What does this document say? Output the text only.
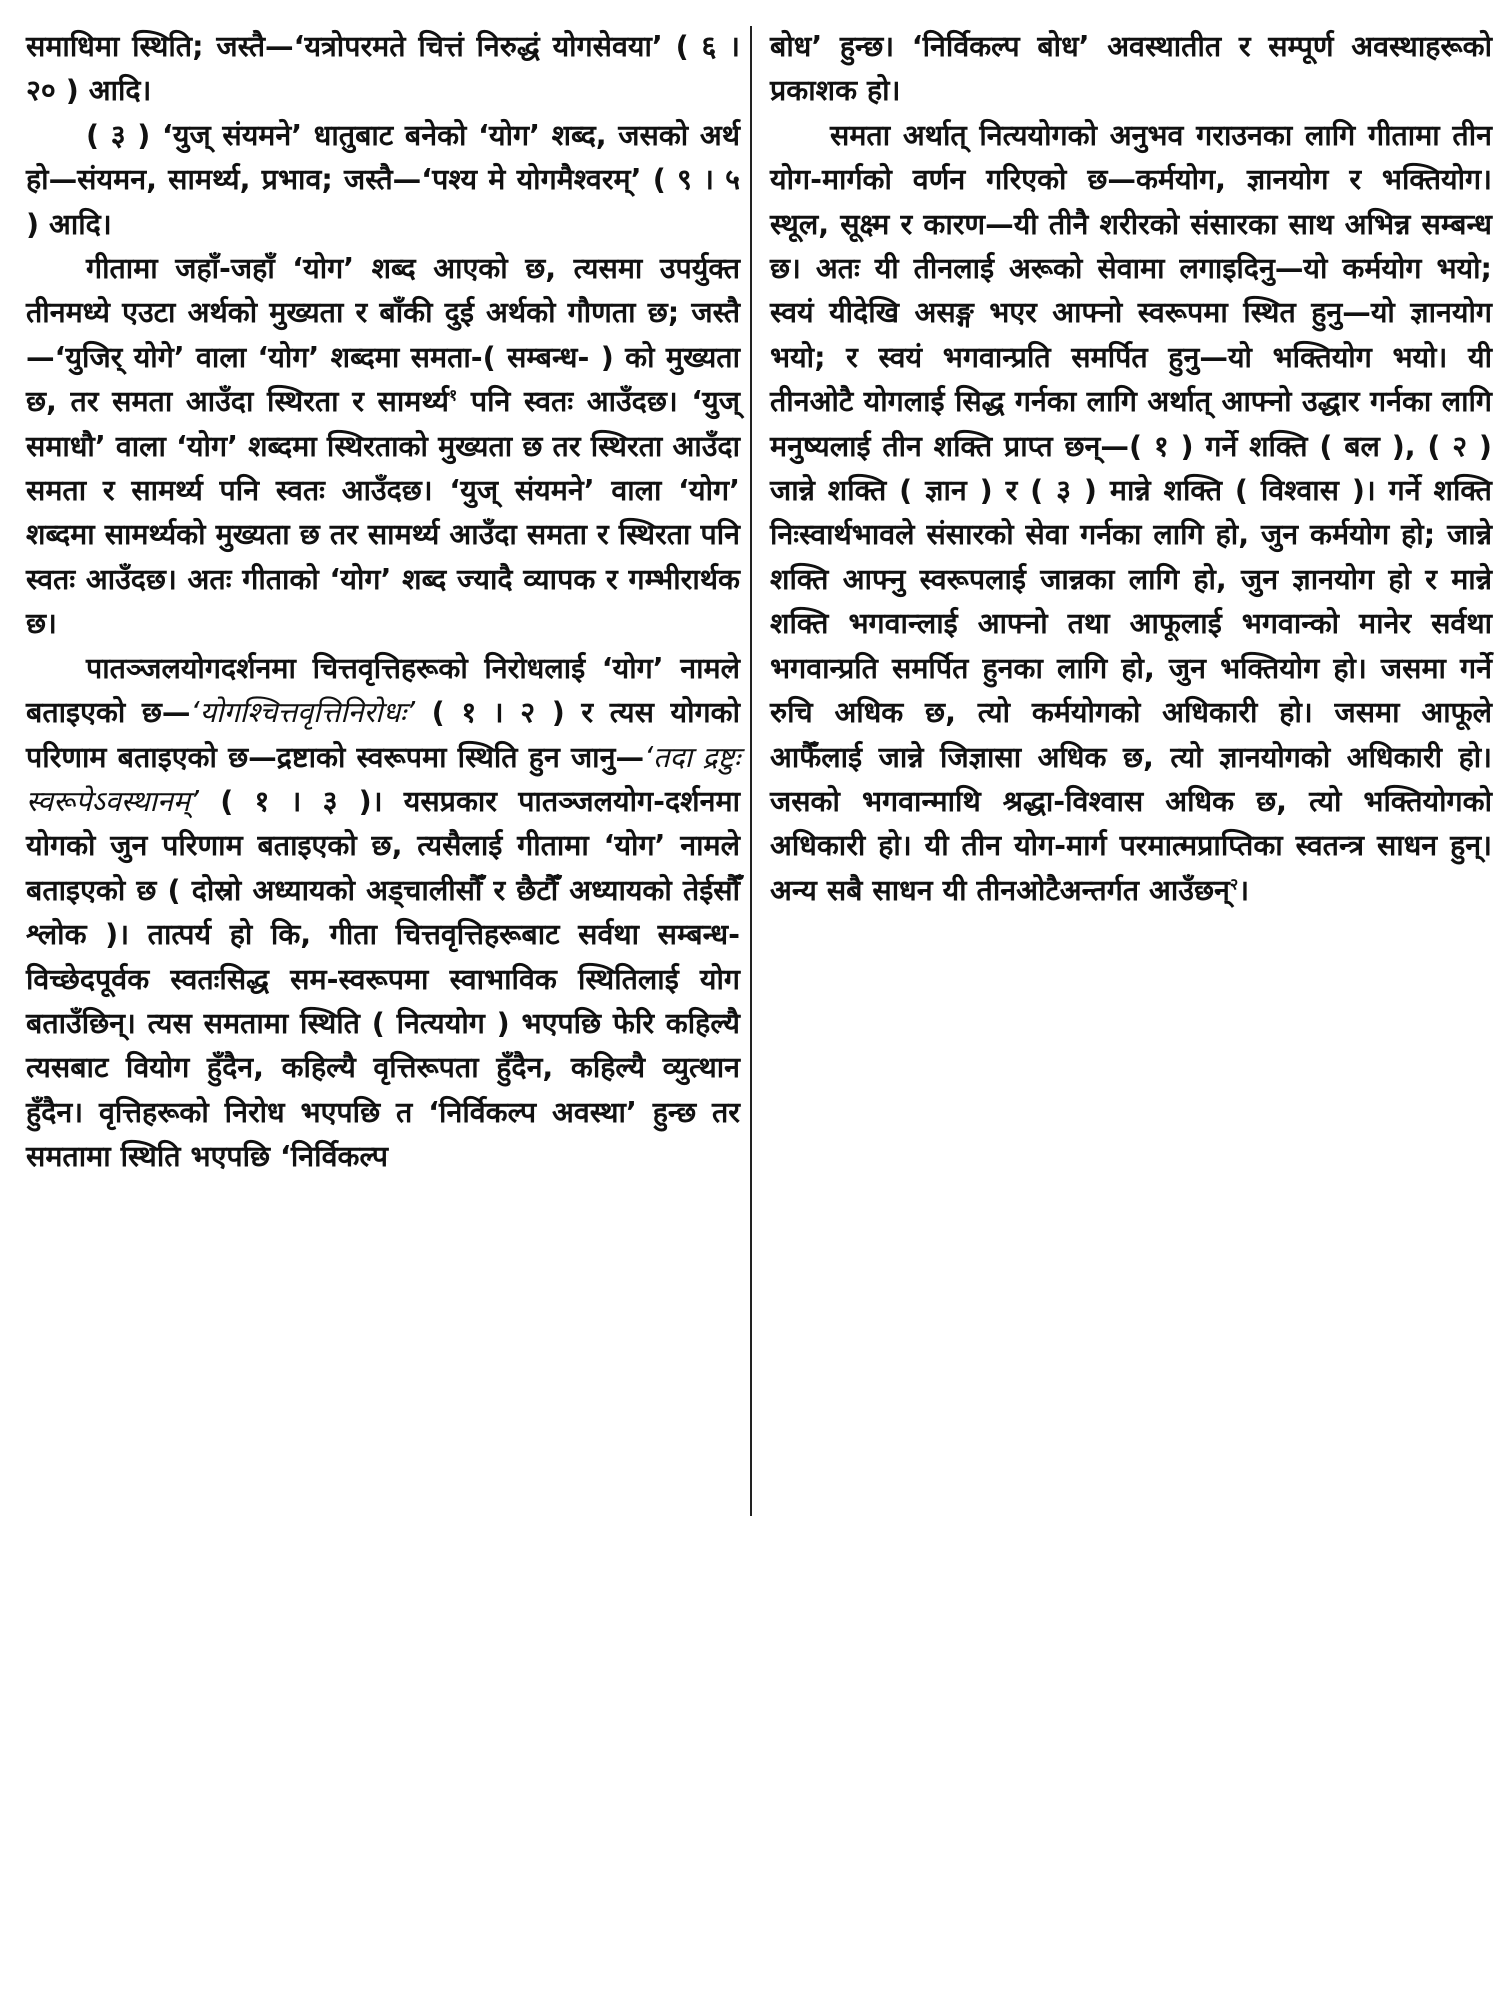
समाधिमा स्थिति; जस्तै—‘यत्रोपरमते चित्तं निरुद्धं योगसेवया’ ( ६ । २० ) आदि।

( ३ ) ‘युज् संयमने’ धातुबाट बनेको ‘योग’ शब्द, जसको अर्थ हो—संयमन, सामर्थ्य, प्रभाव; जस्तै—‘पश्य मे योगमैश्वरम्’ ( ९ । ५ ) आदि।

गीतामा जहाँ-जहाँ ‘योग’ शब्द आएको छ, त्यसमा उपर्युक्त तीनमध्ये एउटा अर्थको मुख्यता र बाँकी दुई अर्थको गौणता छ; जस्तै—‘युजिर् योगे’ वाला ‘योग’ शब्दमा समता-( सम्बन्ध- ) को मुख्यता छ, तर समता आउँदा स्थिरता र सामर्थ्य$^१$ पनि स्वतः आउँदछ। ‘युज् समाधौ’ वाला ‘योग’ शब्दमा स्थिरताको मुख्यता छ तर स्थिरता आउँदा समता र सामर्थ्य पनि स्वतः आउँदछ। ‘युज् संयमने’ वाला ‘योग’ शब्दमा सामर्थ्यको मुख्यता छ तर सामर्थ्य आउँदा समता र स्थिरता पनि स्वतः आउँदछ। अतः गीताको ‘योग’ शब्द ज्यादै व्यापक र गम्भीरार्थक छ।

पातञ्जलयोगदर्शनमा चित्तवृत्तिहरूको निरोधलाई ‘योग’ नामले बताइएको छ—‘योगश्चित्तवृत्तिनिरोधः’ ( १ । २ ) र त्यस योगको परिणाम बताइएको छ—द्रष्टाको स्वरूपमा स्थिति हुन जानु—‘तदा द्रष्टुः स्वरूपेऽवस्थानम्’ ( १ । ३ )। यसप्रकार पातञ्जलयोग-दर्शनमा योगको जुन परिणाम बताइएको छ, त्यसैलाई गीतामा ‘योग’ नामले बताइएको छ ( दोस्रो अध्यायको अड्चालीसौँ र छैटौँ अध्यायको तेईसौँ श्लोक )। तात्पर्य हो कि, गीता चित्तवृत्तिहरूबाट सर्वथा सम्बन्ध-विच्छेदपूर्वक स्वतःसिद्ध सम-स्वरूपमा स्वाभाविक स्थितिलाई योग बताउँछिन्। त्यस समतामा स्थिति ( नित्ययोग ) भएपछि फेरि कहिल्यै त्यसबाट वियोग हुँदैन, कहिल्यै वृत्तिरूपता हुँदैन, कहिल्यै व्युत्थान हुँदैन। वृत्तिहरूको निरोध भएपछि त ‘निर्विकल्प अवस्था’ हुन्छ तर समतामा स्थिति भएपछि ‘निर्विकल्प

बोध’ हुन्छ। ‘निर्विकल्प बोध’ अवस्थातीत र सम्पूर्ण अवस्थाहरूको प्रकाशक हो।

समता अर्थात् नित्ययोगको अनुभव गराउनका लागि गीतामा तीन योग-मार्गको वर्णन गरिएको छ—कर्मयोग, ज्ञानयोग र भक्तियोग। स्थूल, सूक्ष्म र कारण—यी तीनै शरीरको संसारका साथ अभिन्न सम्बन्ध छ। अतः यी तीनलाई अरूको सेवामा लगाइदिनु—यो कर्मयोग भयो; स्वयं यीदेखि असङ्ग भएर आफ्नो स्वरूपमा स्थित हुनु—यो ज्ञानयोग भयो; र स्वयं भगवान्प्रति समर्पित हुनु—यो भक्तियोग भयो। यी तीनओटै योगलाई सिद्ध गर्नका लागि अर्थात् आफ्नो उद्धार गर्नका लागि मनुष्यलाई तीन शक्ति प्राप्त छन्—( १ ) गर्ने शक्ति ( बल ), ( २ ) जान्ने शक्ति ( ज्ञान ) र ( ३ ) मान्ने शक्ति ( विश्वास )। गर्ने शक्ति निःस्वार्थभावले संसारको सेवा गर्नका लागि हो, जुन कर्मयोग हो; जान्ने शक्ति आफ्नु स्वरूपलाई जान्नका लागि हो, जुन ज्ञानयोग हो र मान्ने शक्ति भगवान्लाई आफ्नो तथा आफूलाई भगवान्को मानेर सर्वथा भगवान्प्रति समर्पित हुनका लागि हो, जुन भक्तियोग हो। जसमा गर्ने रुचि अधिक छ, त्यो कर्मयोगको अधिकारी हो। जसमा आफूले आफैँलाई जान्ने जिज्ञासा अधिक छ, त्यो ज्ञानयोगको अधिकारी हो। जसको भगवान्माथि श्रद्धा-विश्वास अधिक छ, त्यो भक्तियोगको अधिकारी हो। यी तीन योग-मार्ग परमात्मप्राप्तिका स्वतन्त्र साधन हुन्। अन्य सबै साधन यी तीनओटैअन्तर्गत आउँछन्$^२$।
